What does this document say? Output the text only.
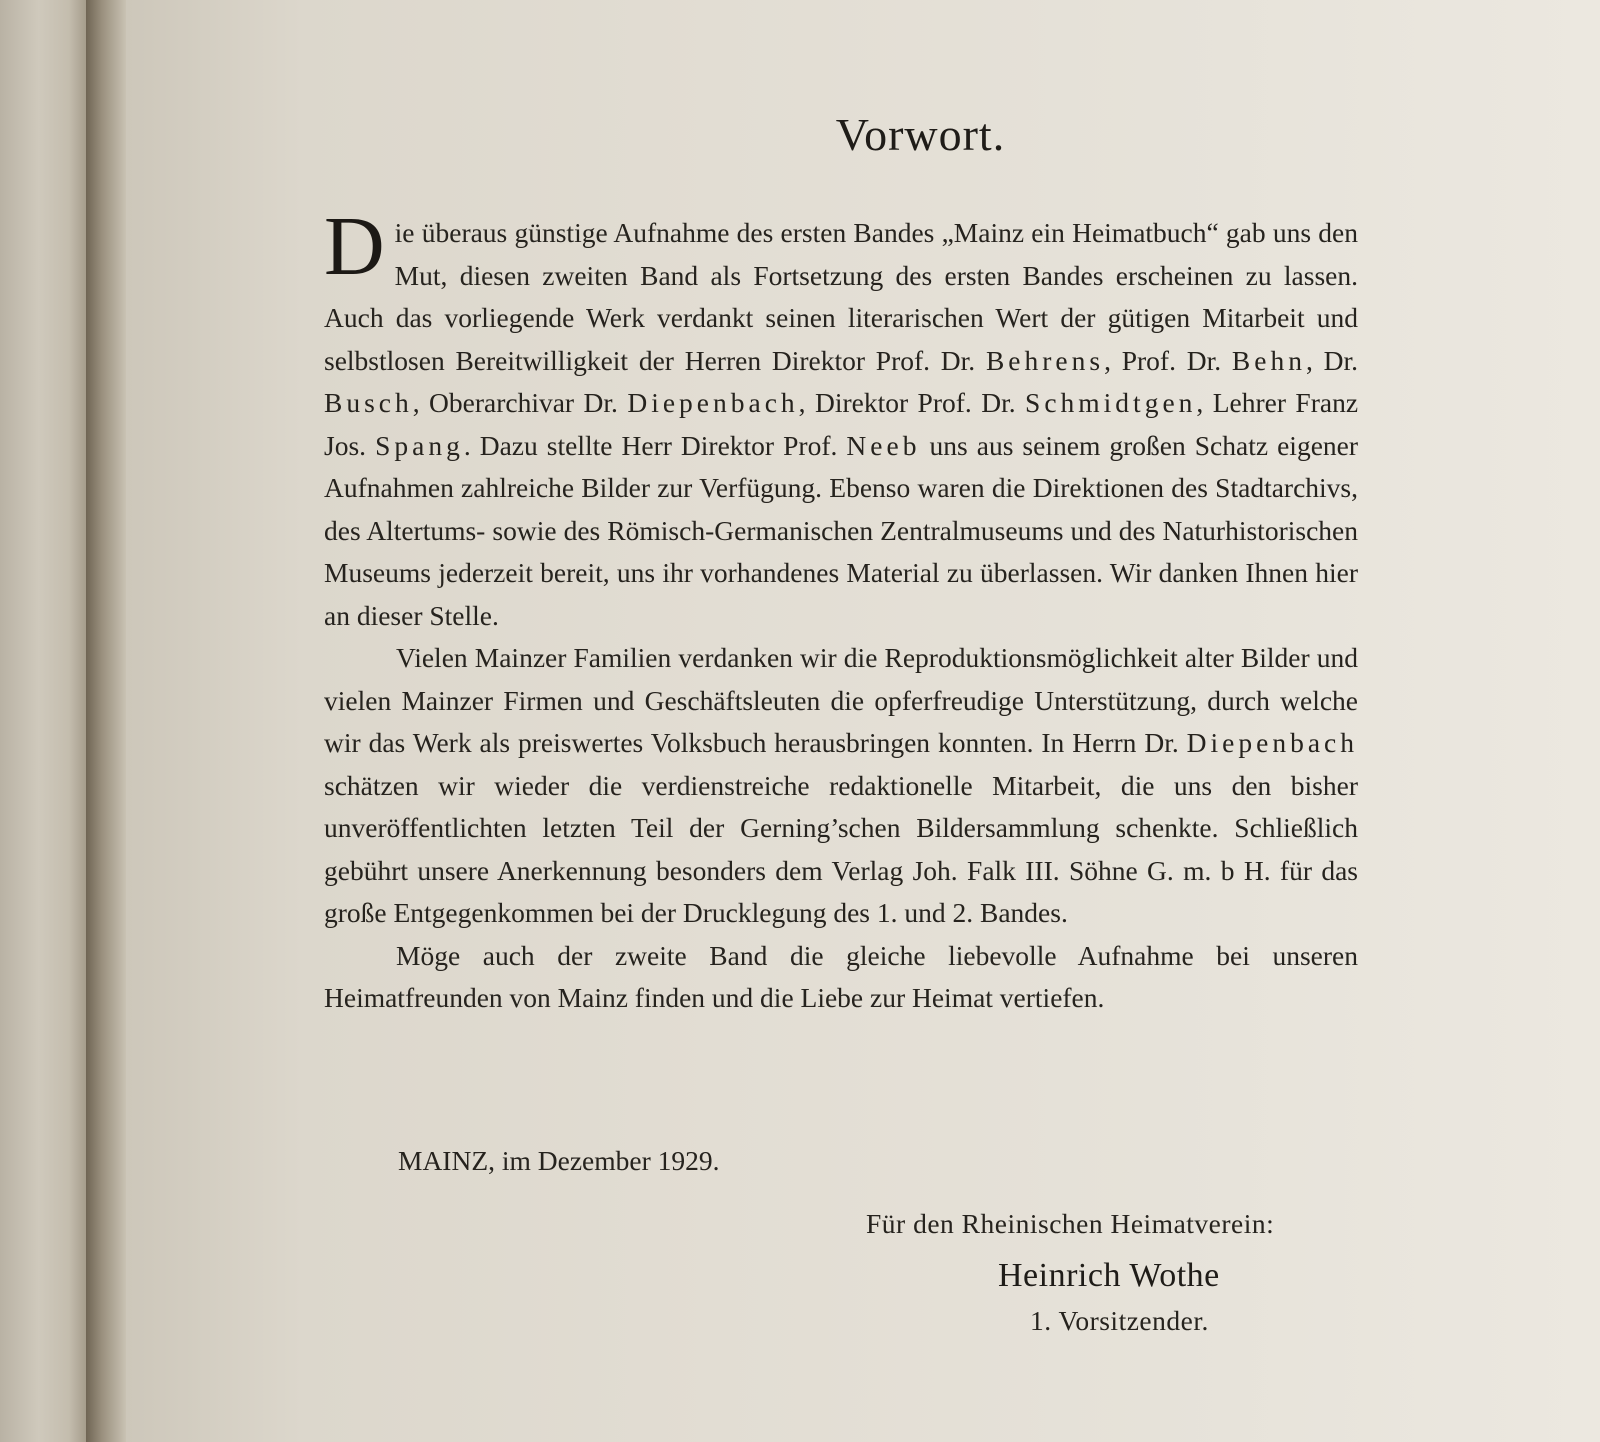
Vorwort.

Die überaus günstige Aufnahme des ersten Bandes „Mainz ein Heimatbuch“ gab uns den Mut, diesen zweiten Band als Fortsetzung des ersten Bandes erscheinen zu lassen. Auch das vorliegende Werk verdankt seinen literarischen Wert der gütigen Mitarbeit und selbstlosen Bereitwilligkeit der Herren Direktor Prof. Dr. Behrens, Prof. Dr. Behn, Dr. Busch, Oberarchivar Dr. Diepenbach, Direktor Prof. Dr. Schmidtgen, Lehrer Franz Jos. Spang. Dazu stellte Herr Direktor Prof. Neeb uns aus seinem großen Schatz eigener Aufnahmen zahlreiche Bilder zur Verfügung. Ebenso waren die Direktionen des Stadtarchivs, des Altertums- sowie des Römisch-Germanischen Zentralmuseums und des Naturhistorischen Museums jederzeit bereit, uns ihr vorhandenes Material zu überlassen. Wir danken Ihnen hier an dieser Stelle.

Vielen Mainzer Familien verdanken wir die Reproduktionsmöglichkeit alter Bilder und vielen Mainzer Firmen und Geschäftsleuten die opferfreudige Unterstützung, durch welche wir das Werk als preiswertes Volksbuch herausbringen konnten. In Herrn Dr. Diepenbach schätzen wir wieder die verdienstreiche redaktionelle Mitarbeit, die uns den bisher unveröffentlichten letzten Teil der Gerning’schen Bildersammlung schenkte. Schließlich gebührt unsere Anerkennung besonders dem Verlag Joh. Falk III. Söhne G. m. b H. für das große Entgegenkommen bei der Drucklegung des 1. und 2. Bandes.

Möge auch der zweite Band die gleiche liebevolle Aufnahme bei unseren Heimatfreunden von Mainz finden und die Liebe zur Heimat vertiefen.

MAINZ, im Dezember 1929.
Für den Rheinischen Heimatverein:
Heinrich Wothe
1. Vorsitzender.
